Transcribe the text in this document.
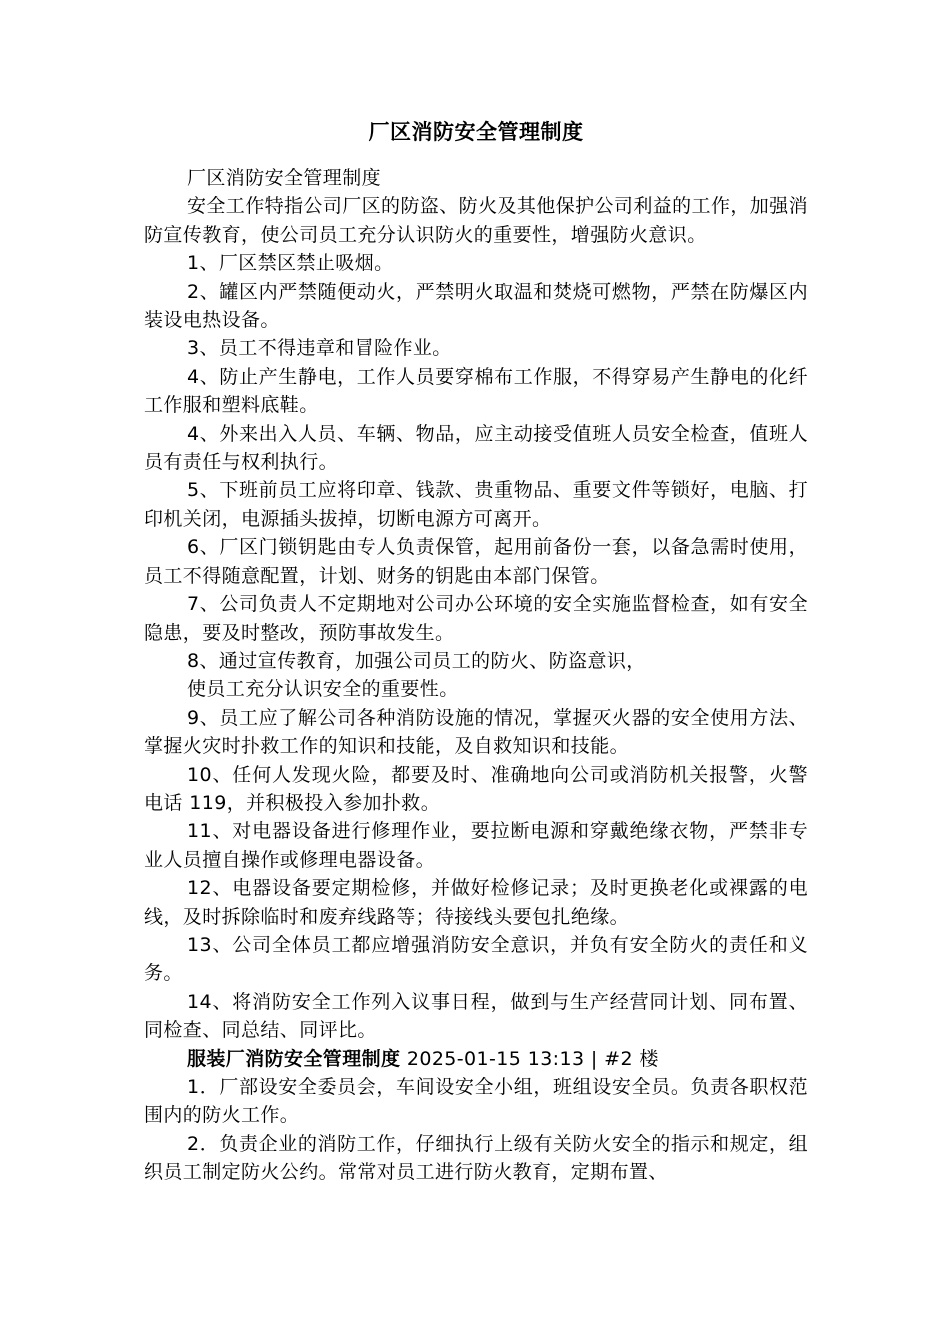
厂区消防安全管理制度

厂区消防安全管理制度

安全工作特指公司厂区的防盗、防火及其他保护公司利益的工作，加强消防宣传教育，使公司员工充分认识防火的重要性，增强防火意识。

1、厂区禁区禁止吸烟。

2、罐区内严禁随便动火，严禁明火取温和焚烧可燃物，严禁在防爆区内装设电热设备。

3、员工不得违章和冒险作业。

4、防止产生静电，工作人员要穿棉布工作服，不得穿易产生静电的化纤工作服和塑料底鞋。

4、外来出入人员、车辆、物品，应主动接受值班人员安全检查，值班人员有责任与权利执行。

5、下班前员工应将印章、钱款、贵重物品、重要文件等锁好，电脑、打印机关闭，电源插头拔掉，切断电源方可离开。

6、厂区门锁钥匙由专人负责保管，起用前备份一套，以备急需时使用，员工不得随意配置，计划、财务的钥匙由本部门保管。

7、公司负责人不定期地对公司办公环境的安全实施监督检查，如有安全隐患，要及时整改，预防事故发生。

8、通过宣传教育，加强公司员工的防火、防盗意识，

使员工充分认识安全的重要性。

9、员工应了解公司各种消防设施的情况，掌握灭火器的安全使用方法、掌握火灾时扑救工作的知识和技能，及自救知识和技能。

10、任何人发现火险，都要及时、准确地向公司或消防机关报警，火警电话 119，并积极投入参加扑救。

11、对电器设备进行修理作业，要拉断电源和穿戴绝缘衣物，严禁非专业人员擅自操作或修理电器设备。

12、电器设备要定期检修，并做好检修记录；及时更换老化或裸露的电线，及时拆除临时和废弃线路等；待接线头要包扎绝缘。

13、公司全体员工都应增强消防安全意识，并负有安全防火的责任和义务。

14、将消防安全工作列入议事日程，做到与生产经营同计划、同布置、同检查、同总结、同评比。

服装厂消防安全管理制度 2025-01-15 13:13 | #2 楼

1．厂部设安全委员会，车间设安全小组，班组设安全员。负责各职权范围内的防火工作。

2．负责企业的消防工作，仔细执行上级有关防火安全的指示和规定，组织员工制定防火公约。常常对员工进行防火教育，定期布置、
